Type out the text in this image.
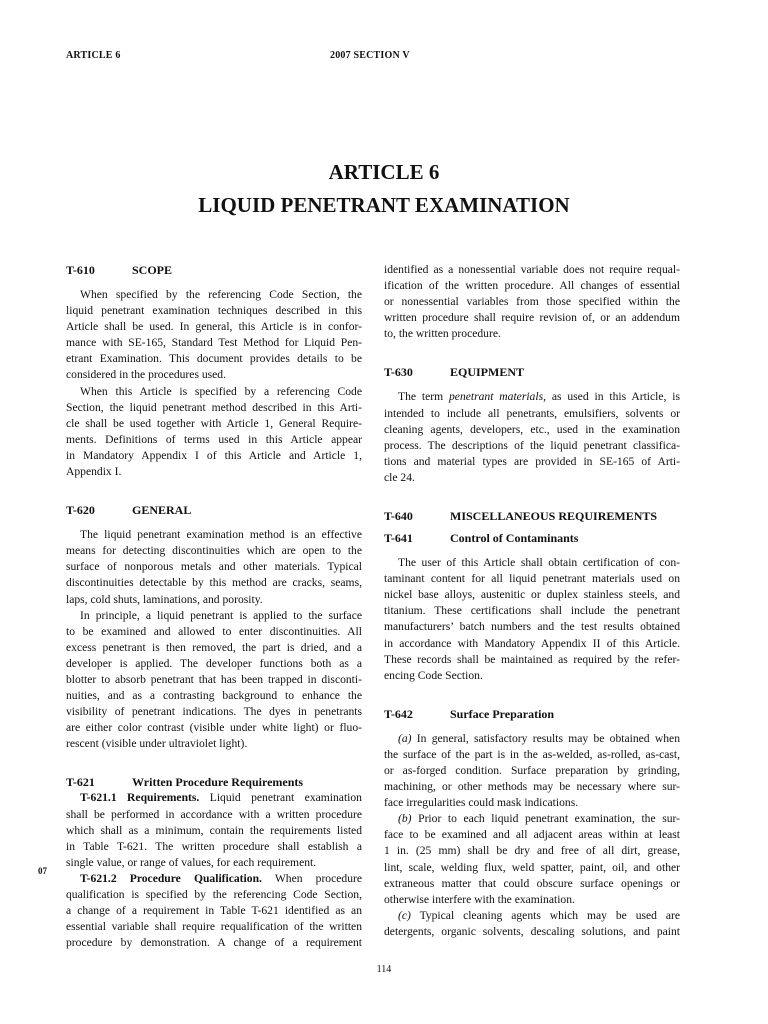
ARTICLE 6	2007 SECTION V
ARTICLE 6
LIQUID PENETRANT EXAMINATION
T-610	SCOPE
When specified by the referencing Code Section, the
liquid penetrant examination techniques described in this
Article shall be used. In general, this Article is in confor-
mance with SE-165, Standard Test Method for Liquid Pen-
etrant Examination. This document provides details to be
considered in the procedures used.
When this Article is specified by a referencing Code
Section, the liquid penetrant method described in this Arti-
cle shall be used together with Article 1, General Require-
ments. Definitions of terms used in this Article appear
in Mandatory Appendix I of this Article and Article 1,
Appendix I.
T-620	GENERAL
The liquid penetrant examination method is an effective
means for detecting discontinuities which are open to the
surface of nonporous metals and other materials. Typical
discontinuities detectable by this method are cracks, seams,
laps, cold shuts, laminations, and porosity.
In principle, a liquid penetrant is applied to the surface
to be examined and allowed to enter discontinuities. All
excess penetrant is then removed, the part is dried, and a
developer is applied. The developer functions both as a
blotter to absorb penetrant that has been trapped in disconti-
nuities, and as a contrasting background to enhance the
visibility of penetrant indications. The dyes in penetrants
are either color contrast (visible under white light) or fluo-
rescent (visible under ultraviolet light).
T-621	Written Procedure Requirements
T-621.1 Requirements. Liquid penetrant examination
shall be performed in accordance with a written procedure
which shall as a minimum, contain the requirements listed
in Table T-621. The written procedure shall establish a
single value, or range of values, for each requirement.
T-621.2 Procedure Qualification. When procedure
qualification is specified by the referencing Code Section,
a change of a requirement in Table T-621 identified as an
essential variable shall require requalification of the written
procedure by demonstration. A change of a requirement
07
identified as a nonessential variable does not require requal-
ification of the written procedure. All changes of essential
or nonessential variables from those specified within the
written procedure shall require revision of, or an addendum
to, the written procedure.
T-630	EQUIPMENT
The term penetrant materials, as used in this Article, is
intended to include all penetrants, emulsifiers, solvents or
cleaning agents, developers, etc., used in the examination
process. The descriptions of the liquid penetrant classifica-
tions and material types are provided in SE-165 of Arti-
cle 24.
T-640	MISCELLANEOUS REQUIREMENTS
T-641	Control of Contaminants
The user of this Article shall obtain certification of con-
taminant content for all liquid penetrant materials used on
nickel base alloys, austenitic or duplex stainless steels, and
titanium. These certifications shall include the penetrant
manufacturers’ batch numbers and the test results obtained
in accordance with Mandatory Appendix II of this Article.
These records shall be maintained as required by the refer-
encing Code Section.
T-642	Surface Preparation
(a) In general, satisfactory results may be obtained when
the surface of the part is in the as-welded, as-rolled, as-cast,
or as-forged condition. Surface preparation by grinding,
machining, or other methods may be necessary where sur-
face irregularities could mask indications.
(b) Prior to each liquid penetrant examination, the sur-
face to be examined and all adjacent areas within at least
1 in. (25 mm) shall be dry and free of all dirt, grease,
lint, scale, welding flux, weld spatter, paint, oil, and other
extraneous matter that could obscure surface openings or
otherwise interfere with the examination.
(c) Typical cleaning agents which may be used are
detergents, organic solvents, descaling solutions, and paint
114
